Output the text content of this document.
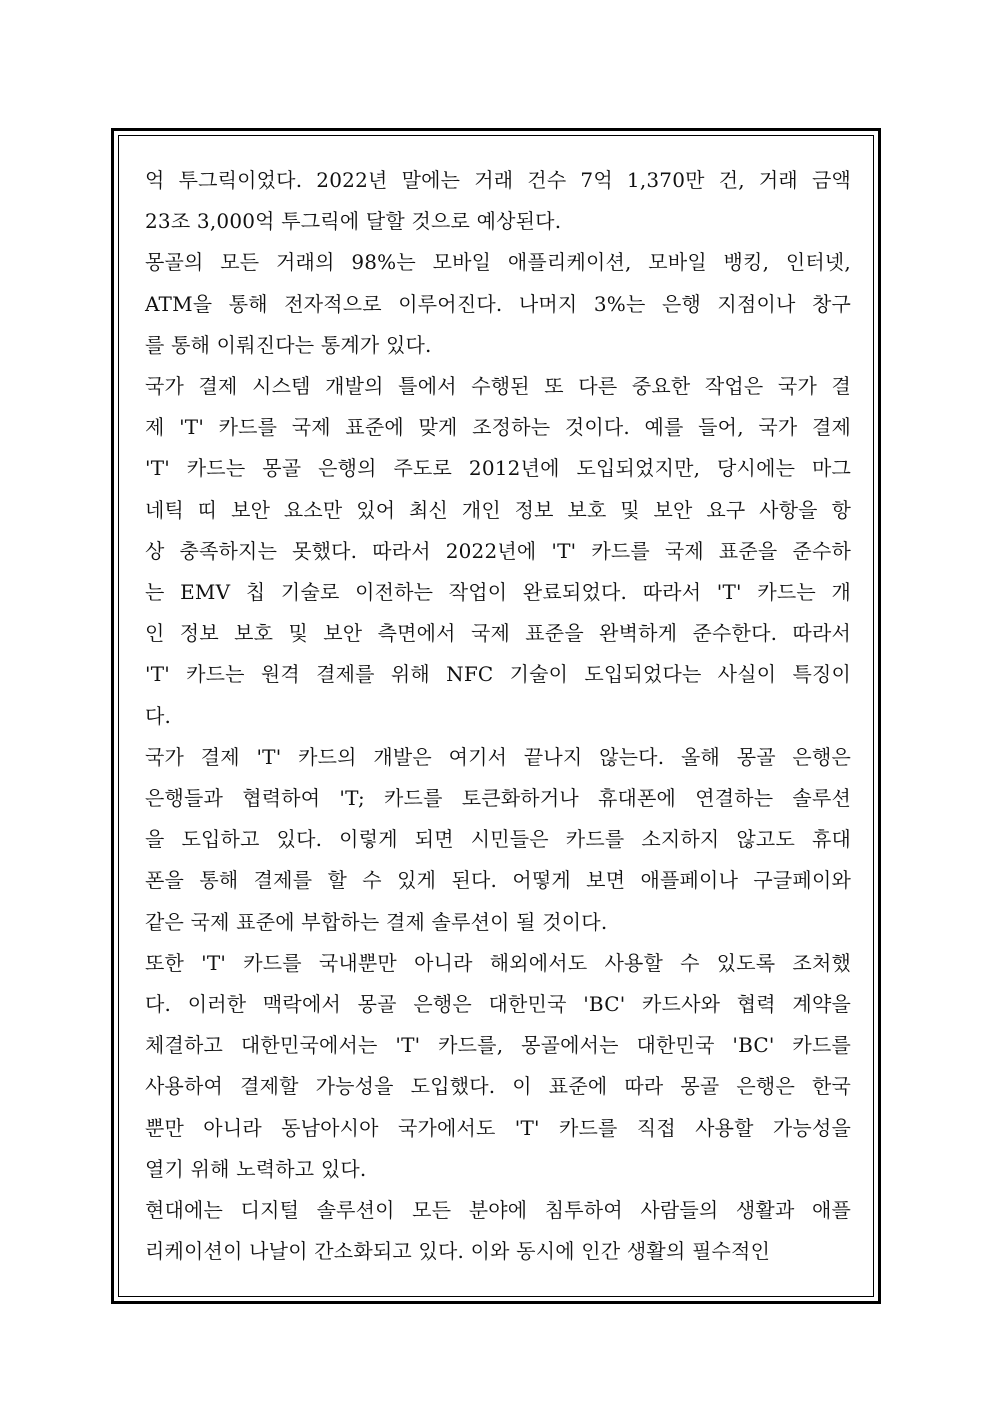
억 투그릭이었다. 2022년 말에는 거래 건수 7억 1,370만 건, 거래 금액
23조 3,000억 투그릭에 달할 것으로 예상된다.

몽골의 모든 거래의 98%는 모바일 애플리케이션, 모바일 뱅킹, 인터넷,
ATM을 통해 전자적으로 이루어진다. 나머지 3%는 은행 지점이나 창구
를 통해 이뤄진다는 통계가 있다.

국가 결제 시스템 개발의 틀에서 수행된 또 다른 중요한 작업은 국가 결
제 'T' 카드를 국제 표준에 맞게 조정하는 것이다. 예를 들어, 국가 결제
'T' 카드는 몽골 은행의 주도로 2012년에 도입되었지만, 당시에는 마그
네틱 띠 보안 요소만 있어 최신 개인 정보 보호 및 보안 요구 사항을 항
상 충족하지는 못했다. 따라서 2022년에 'T' 카드를 국제 표준을 준수하
는 EMV 칩 기술로 이전하는 작업이 완료되었다. 따라서 'T' 카드는 개
인 정보 보호 및 보안 측면에서 국제 표준을 완벽하게 준수한다. 따라서
'T' 카드는 원격 결제를 위해 NFC 기술이 도입되었다는 사실이 특징이
다.

국가 결제 'T' 카드의 개발은 여기서 끝나지 않는다. 올해 몽골 은행은
은행들과 협력하여 'T; 카드를 토큰화하거나 휴대폰에 연결하는 솔루션
을 도입하고 있다. 이렇게 되면 시민들은 카드를 소지하지 않고도 휴대
폰을 통해 결제를 할 수 있게 된다. 어떻게 보면 애플페이나 구글페이와
같은 국제 표준에 부합하는 결제 솔루션이 될 것이다.

또한 'T' 카드를 국내뿐만 아니라 해외에서도 사용할 수 있도록 조처했
다. 이러한 맥락에서 몽골 은행은 대한민국 'BC' 카드사와 협력 계약을
체결하고 대한민국에서는 'T' 카드를, 몽골에서는 대한민국 'BC' 카드를
사용하여 결제할 가능성을 도입했다. 이 표준에 따라 몽골 은행은 한국
뿐만 아니라 동남아시아 국가에서도 'T' 카드를 직접 사용할 가능성을
열기 위해 노력하고 있다.

현대에는 디지털 솔루션이 모든 분야에 침투하여 사람들의 생활과 애플
리케이션이 나날이 간소화되고 있다. 이와 동시에 인간 생활의 필수적인
